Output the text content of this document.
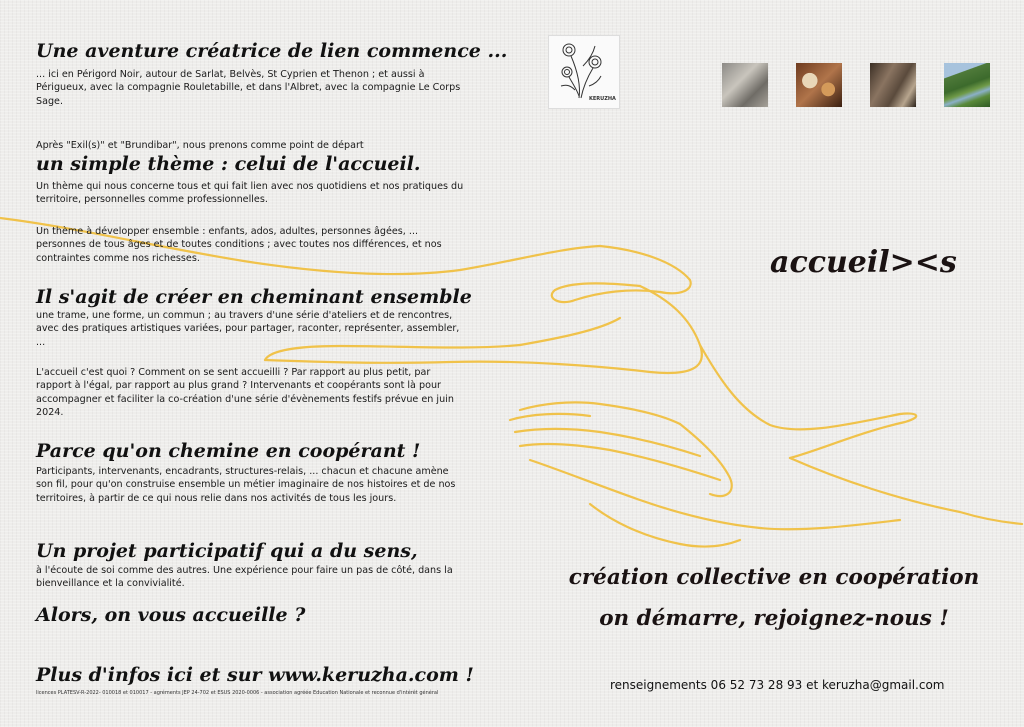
Une aventure créatrice de lien commence ...

... ici en Périgord Noir, autour de Sarlat, Belvès, St Cyprien et Thenon ; et aussi à Périgueux, avec la compagnie Rouletabille, et dans l'Albret, avec la compagnie Le Corps Sage.

Après "Exil(s)" et "Brundibar", nous prenons comme point de départ

un simple thème : celui de l'accueil.

Un thème qui nous concerne tous et qui fait lien avec nos quotidiens et nos pratiques du territoire, personnelles comme professionnelles.

Un thème à développer ensemble : enfants, ados, adultes, personnes âgées, ... personnes de tous âges et de toutes conditions ; avec toutes nos différences, et nos contraintes comme nos richesses.

Il s'agit de créer en cheminant ensemble

une trame, une forme, un commun ; au travers d'une série d'ateliers et de rencontres, avec des pratiques artistiques variées, pour partager, raconter, représenter, assembler, ...

L'accueil c'est quoi ? Comment on se sent accueilli ? Par rapport au plus petit, par rapport à l'égal, par rapport au plus grand ? Intervenants et coopérants sont là pour accompagner et faciliter la co-création d'une série d'évènements festifs prévue en juin 2024.

Parce qu'on chemine en coopérant !

Participants, intervenants, encadrants, structures-relais, ... chacun et chacune amène son fil, pour qu'on construise ensemble un métier imaginaire de nos histoires et de nos territoires, à partir de ce qui nous relie dans nos activités de tous les jours.

Un projet participatif qui a du sens,

à l'écoute de soi comme des autres. Une expérience pour faire un pas de côté, dans la bienveillance et la convivialité.

Alors, on vous accueille ?
Plus d'infos ici et sur www.keruzha.com !
licences PLATESV-R-2022- 010018 et 010017 - agréments JEP 24-702 et ESUS 2020-0006 - association agréée Education Nationale et reconnue d'intérêt général
KERUZHA
accueil><s
création collective en coopération
on démarre, rejoignez-nous !
renseignements 06 52 73 28 93 et keruzha@gmail.com
